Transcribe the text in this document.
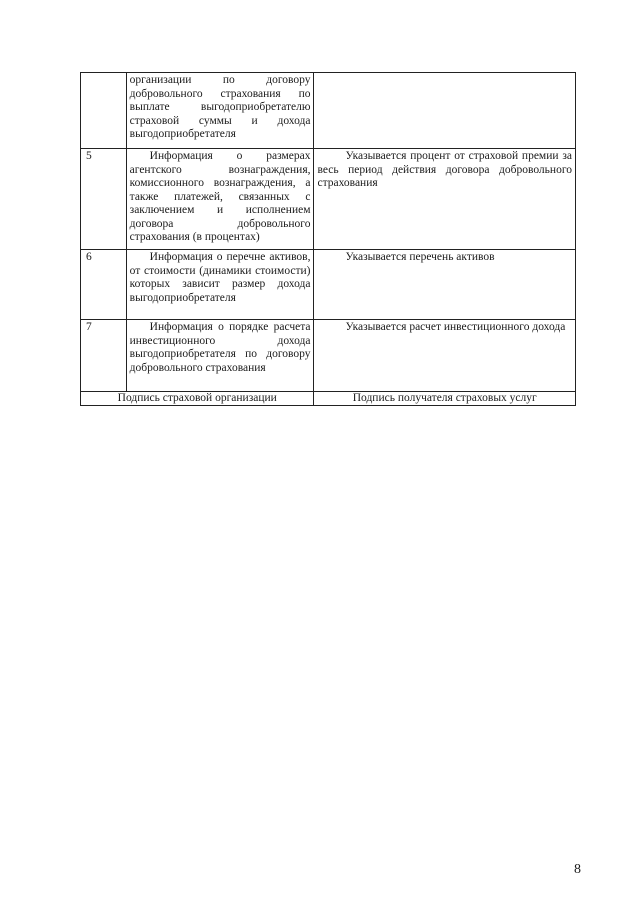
	организации по договору добровольного страхования по выплате выгодоприобретателю страховой суммы и дохода выгодоприобретателя	

5	Информация о размерах агентского вознаграждения, комиссионного вознаграждения, а также платежей, связанных с заключением и исполнением договора добровольного страхования (в процентах)	Указывается процент от страховой премии за весь период действия договора добровольного страхования

6	Информация о перечне активов, от стоимости (динамики стоимости) которых зависит размер дохода выгодоприобретателя	Указывается перечень активов

7	Информация о порядке расчета инвестиционного дохода выгодоприобретателя по договору добровольного страхования	Указывается расчет инвестиционного дохода

Подпись страховой организации		Подпись получателя страховых услуг
8
